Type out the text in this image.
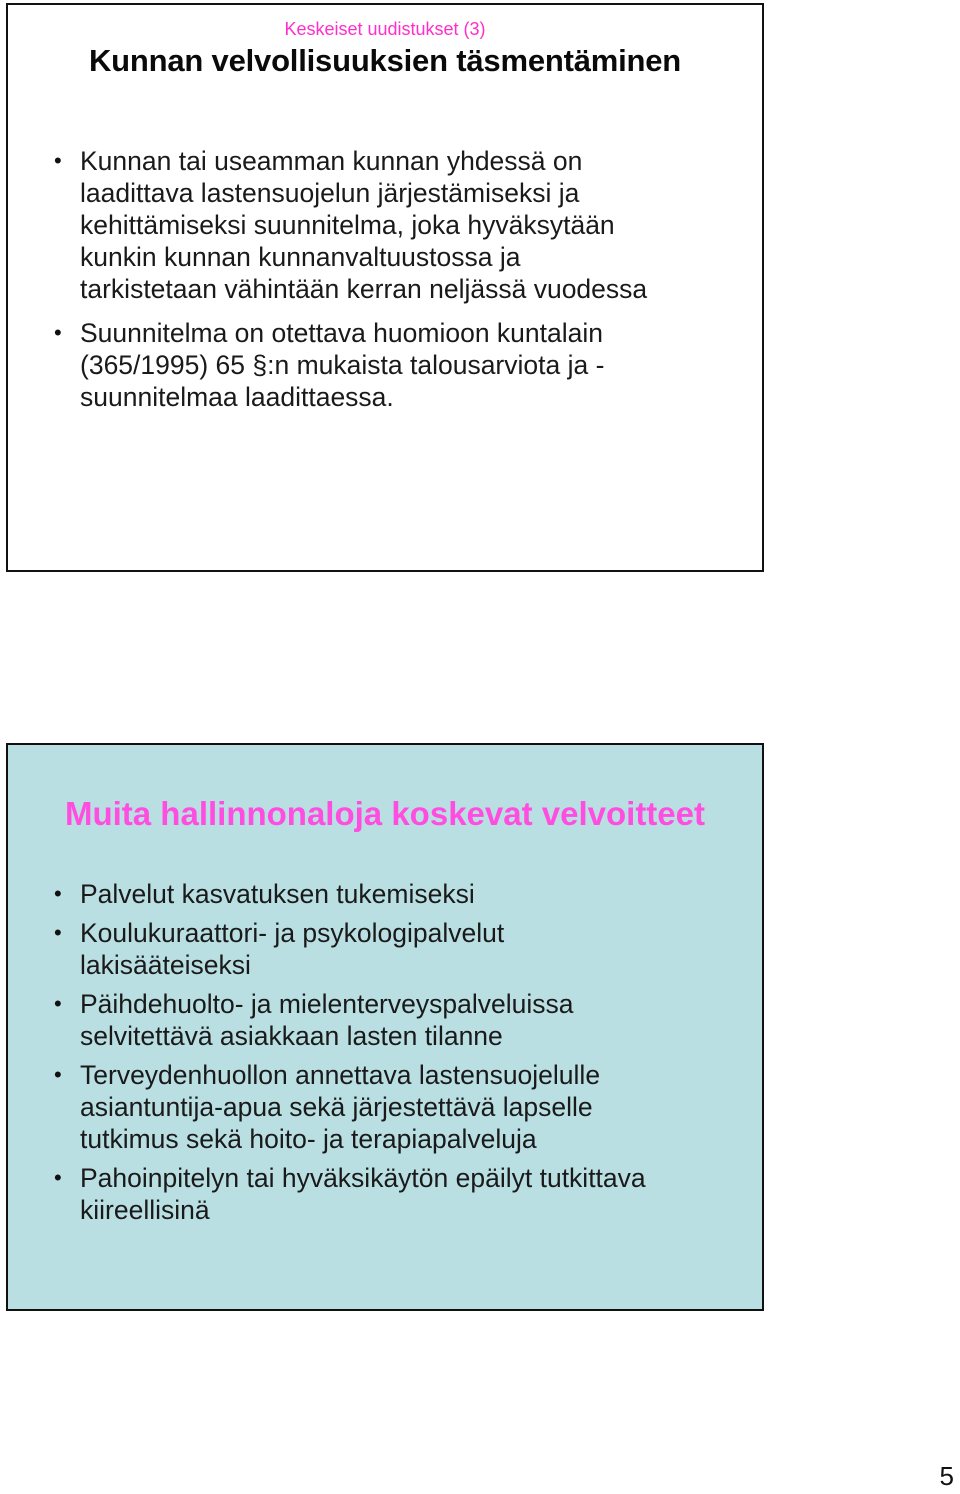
Keskeiset uudistukset (3)
Kunnan velvollisuuksien täsmentäminen
• Kunnan tai useamman kunnan yhdessä on
laadittava lastensuojelun järjestämiseksi ja
kehittämiseksi suunnitelma, joka hyväksytään
kunkin kunnan kunnanvaltuustossa ja
tarkistetaan vähintään kerran neljässä vuodessa
• Suunnitelma on otettava huomioon kuntalain
(365/1995) 65 §:n mukaista talousarviota ja -
suunnitelmaa laadittaessa.
Muita hallinnonaloja koskevat velvoitteet
• Palvelut kasvatuksen tukemiseksi
• Koulukuraattori- ja psykologipalvelut
lakisääteiseksi
• Päihdehuolto- ja mielenterveyspalveluissa
selvitettävä asiakkaan lasten tilanne
• Terveydenhuollon annettava lastensuojelulle
asiantuntija-apua sekä järjestettävä lapselle
tutkimus sekä hoito- ja terapiapalveluja
• Pahoinpitelyn tai hyväksikäytön epäilyt tutkittava
kiireellisinä
5
